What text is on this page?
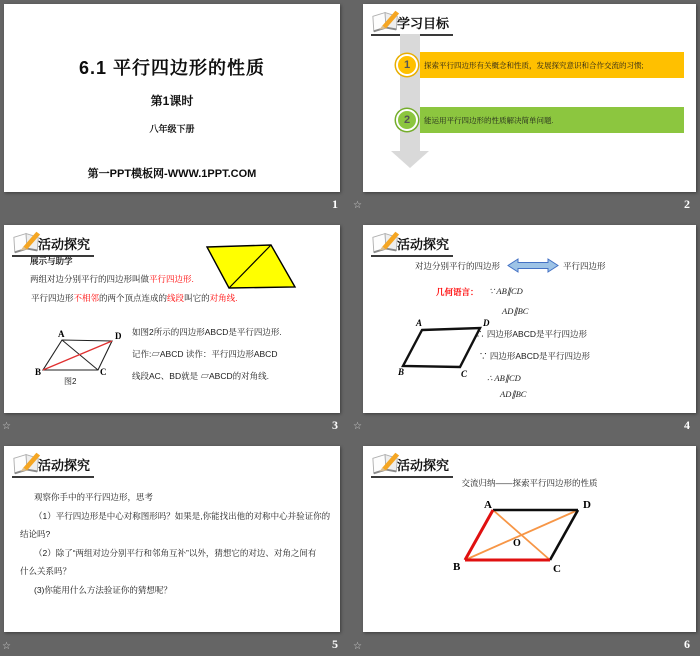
6.1 平行四边形的性质
第1课时
八年级下册
第一PPT模板网-WWW.1PPT.COM
学习目标
探索平行四边形有关概念和性质，发展探究意识和合作交流的习惯;
1
能运用平行四边形的性质解决简单问题.
2
活动探究
展示与助学
两组对边分别平行的四边形叫做平行四边形.
平行四边形不相邻的两个顶点连成的线段叫它的对角线.
A	D
B	C
图2
如图2所示的四边形ABCD是平行四边形.
记作:▱ABCD 读作：平行四边形ABCD
线段AC、BD就是 ▱ABCD的对角线.
活动探究
对边分别平行的四边形	平行四边形
几何语言： ∵ AB∥CD
AD∥BC
∴ 四边形ABCD是平行四边形
∵ 四边形ABCD是平行四边形
∴ AB∥CD
AD∥BC
A	D
B	C
活动探究
观察你手中的平行四边形，思考
（1）平行四边形是中心对称图形吗？如果是,你能找出他的对称中心并验证你的
结论吗?
（2）除了“两组对边分别平行和邻角互补”以外，猜想它的对边、对角之间有
什么关系吗？
(3)你能用什么方法验证你的猜想呢？
活动探究
交流归纳——探索平行四边形的性质
A	D
B	C
O
1	2
3	4
5	6
☆
☆	☆
☆	☆
